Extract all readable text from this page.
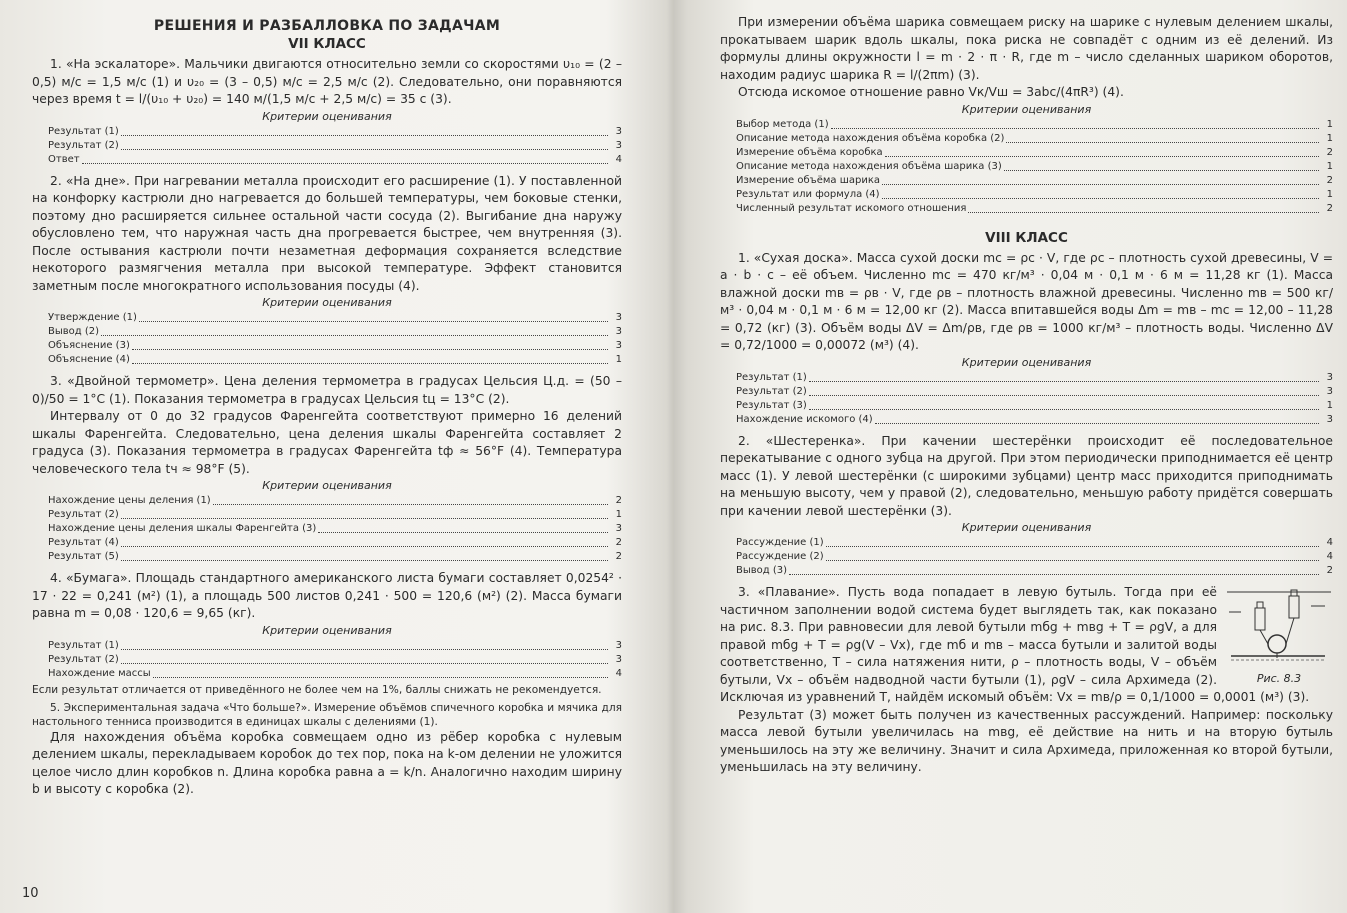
РЕШЕНИЯ И РАЗБАЛЛОВКА ПО ЗАДАЧАМ
VII КЛАСС

1. «На эскалаторе». Мальчики двигаются относительно земли со скоростями υ₁₀ = (2 – 0,5) м/с = 1,5 м/с (1) и υ₂₀ = (3 – 0,5) м/с = 2,5 м/с (2). Следовательно, они поравняются через время t = l/(υ₁₀ + υ₂₀) = 140 м/(1,5 м/с + 2,5 м/с) = 35 с (3).

Критерии оценивания
Результат (1)	3
Результат (2)	3
Ответ	4

2. «На дне». При нагревании металла происходит его расширение (1). У поставленной на конфорку кастрюли дно нагревается до большей температуры, чем боковые стенки, поэтому дно расширяется сильнее остальной части сосуда (2). Выгибание дна наружу обусловлено тем, что наружная часть дна прогревается быстрее, чем внутренняя (3). После остывания кастрюли почти незаметная деформация сохраняется вследствие некоторого размягчения металла при высокой температуре. Эффект становится заметным после многократного использования посуды (4).

Критерии оценивания
Утверждение (1)	3
Вывод (2)	3
Объяснение (3)	3
Объяснение (4)	1

3. «Двойной термометр». Цена деления термометра в градусах Цельсия Ц.д. = (50 – 0)/50 = 1°C (1). Показания термометра в градусах Цельсия tц = 13°C (2).

Интервалу от 0 до 32 градусов Фаренгейта соответствуют примерно 16 делений шкалы Фаренгейта. Следовательно, цена деления шкалы Фаренгейта составляет 2 градуса (3). Показания термометра в градусах Фаренгейта tф ≈ 56°F (4). Температура человеческого тела tч ≈ 98°F (5).

Критерии оценивания
Нахождение цены деления (1)	2
Результат (2)	1
Нахождение цены деления шкалы Фаренгейта (3)	3
Результат (4)	2
Результат (5)	2

4. «Бумага». Площадь стандартного американского листа бумаги составляет 0,0254² · 17 · 22 = 0,241 (м²) (1), а площадь 500 листов 0,241 · 500 = 120,6 (м²) (2). Масса бумаги равна m = 0,08 · 120,6 = 9,65 (кг).

Критерии оценивания
Результат (1)	3
Результат (2)	3
Нахождение массы	4

Если результат отличается от приведённого не более чем на 1%, баллы снижать не рекомендуется.

5. Экспериментальная задача «Что больше?». Измерение объёмов спичечного коробка и мячика для настольного тенниса производится в единицах шкалы с делениями (1).

Для нахождения объёма коробка совмещаем одно из рёбер коробка с нулевым делением шкалы, перекладываем коробок до тех пор, пока на k-ом делении не уложится целое число длин коробков n. Длина коробка равна a = k/n. Аналогично находим ширину b и высоту c коробка (2).

10

При измерении объёма шарика совмещаем риску на шарике с нулевым делением шкалы, прокатываем шарик вдоль шкалы, пока риска не совпадёт с одним из её делений. Из формулы длины окружности l = m · 2 · π · R, где m – число сделанных шариком оборотов, находим радиус шарика R = l/(2πm) (3).

Отсюда искомое отношение равно Vк/Vш = 3abc/(4πR³) (4).

Критерии оценивания
Выбор метода (1)	1
Описание метода нахождения объёма коробка (2)	1
Измерение объёма коробка	2
Описание метода нахождения объёма шарика (3)	1
Измерение объёма шарика	2
Результат или формула (4)	1
Численный результат искомого отношения	2
VIII КЛАСС

1. «Сухая доска». Масса сухой доски mс = ρс · V, где ρс – плотность сухой древесины, V = a · b · c – её объем. Численно mс = 470 кг/м³ · 0,04 м · 0,1 м · 6 м = 11,28 кг (1). Масса влажной доски mв = ρв · V, где ρв – плотность влажной древесины. Численно mв = 500 кг/м³ · 0,04 м · 0,1 м · 6 м = 12,00 кг (2). Масса впитавшейся воды Δm = mв – mс = 12,00 – 11,28 = 0,72 (кг) (3). Объём воды ΔV = Δm/ρв, где ρв = 1000 кг/м³ – плотность воды. Численно ΔV = 0,72/1000 = 0,00072 (м³) (4).

Критерии оценивания
Результат (1)	3
Результат (2)	3
Результат (3)	1
Нахождение искомого (4)	3

2. «Шестеренка». При качении шестерёнки происходит её последовательное перекатывание с одного зубца на другой. При этом периодически приподнимается её центр масс (1). У левой шестерёнки (с широкими зубцами) центр масс приходится приподнимать на меньшую высоту, чем у правой (2), следовательно, меньшую работу придётся совершать при качении левой шестерёнки (3).

Критерии оценивания
Рассуждение (1)	4
Рассуждение (2)	4
Вывод (3)	2
Рис. 8.3

3. «Плавание». Пусть вода попадает в левую бутыль. Тогда при её частичном заполнении водой система будет выглядеть так, как показано на рис. 8.3. При равновесии для левой бутыли mбg + mвg + T = ρgV, а для правой mбg + T = ρg(V – Vх), где mб и mв – масса бутыли и залитой воды соответственно, T – сила натяжения нити, ρ – плотность воды, V – объём бутыли, Vх – объём надводной части бутыли (1), ρgV – сила Архимеда (2). Исключая из уравнений T, найдём искомый объём: Vх = mв/ρ = 0,1/1000 = 0,0001 (м³) (3).

Результат (3) может быть получен из качественных рассуждений. Например: поскольку масса левой бутыли увеличилась на mвg, её действие на нить и на вторую бутыль уменьшилось на эту же величину. Значит и сила Архимеда, приложенная ко второй бутыли, уменьшилась на эту величину.
